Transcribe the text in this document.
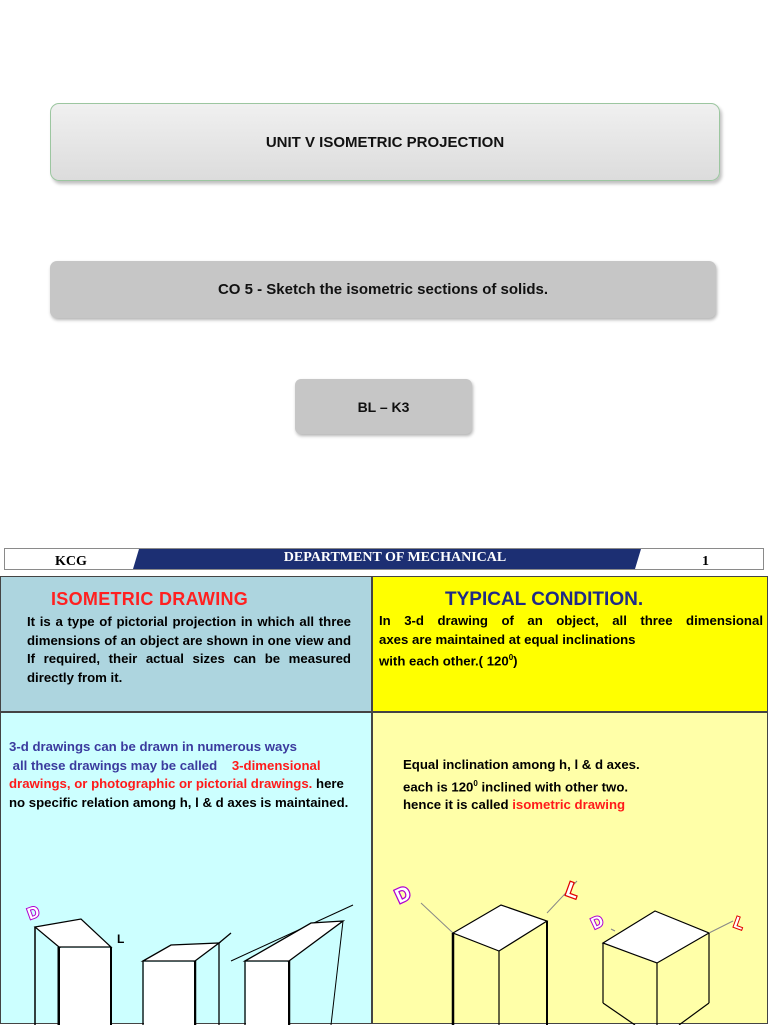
UNIT V ISOMETRIC PROJECTION
CO 5 - Sketch the isometric sections of solids.
BL – K3
KCG	DEPARTMENT OF MECHANICAL	1
ISOMETRIC DRAWING
It is a type of pictorial projection in which all three dimensions of an object are shown in one view and If required, their actual sizes can be measured directly from it.
TYPICAL CONDITION.
In 3-d drawing of an object, all three dimensional
axes are maintained at equal inclinations
with each other.( $120^0$)
3-d drawings can be drawn in numerous ways
all these drawings may be called 3-dimensional drawings, or photographic or pictorial drawings. here no specific relation among h, l & d axes is maintained.
L
D
Equal inclination among h, l & d axes.
each is $120^0$ inclined with other two.
hence it is called isometric drawing
D	L
D	L
